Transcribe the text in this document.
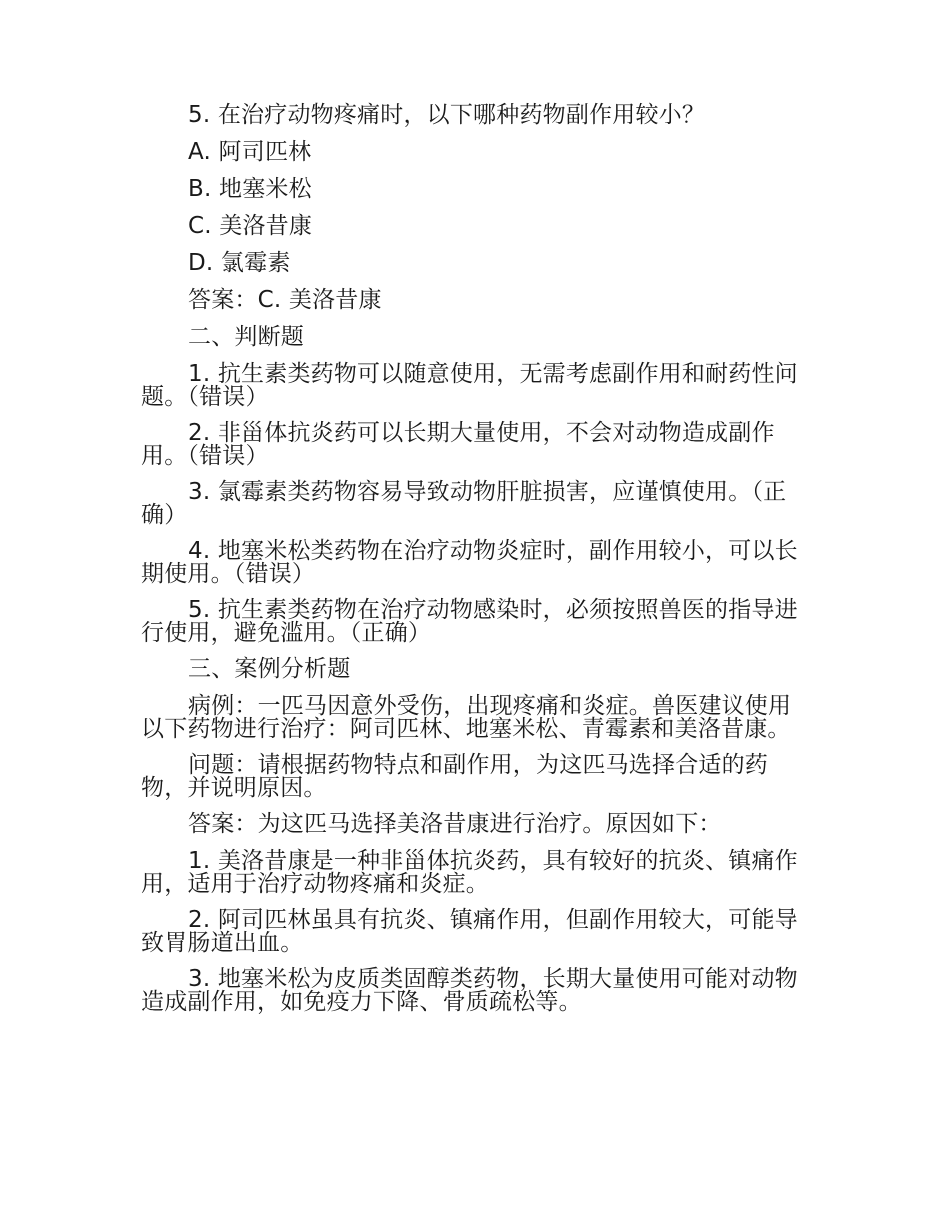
5. 在治疗动物疼痛时，以下哪种药物副作用较小？

A. 阿司匹林

B. 地塞米松

C. 美洛昔康

D. 氯霉素

答案：C. 美洛昔康

二、判断题

1. 抗生素类药物可以随意使用，无需考虑副作用和耐药性问题。（错误）

2. 非甾体抗炎药可以长期大量使用，不会对动物造成副作用。（错误）

3. 氯霉素类药物容易导致动物肝脏损害，应谨慎使用。（正确）

4. 地塞米松类药物在治疗动物炎症时，副作用较小，可以长期使用。（错误）

5. 抗生素类药物在治疗动物感染时，必须按照兽医的指导进行使用，避免滥用。（正确）

三、案例分析题

病例：一匹马因意外受伤，出现疼痛和炎症。兽医建议使用以下药物进行治疗：阿司匹林、地塞米松、青霉素和美洛昔康。

问题：请根据药物特点和副作用，为这匹马选择合适的药物，并说明原因。

答案：为这匹马选择美洛昔康进行治疗。原因如下：

1. 美洛昔康是一种非甾体抗炎药，具有较好的抗炎、镇痛作用，适用于治疗动物疼痛和炎症。

2. 阿司匹林虽具有抗炎、镇痛作用，但副作用较大，可能导致胃肠道出血。

3. 地塞米松为皮质类固醇类药物，长期大量使用可能对动物造成副作用，如免疫力下降、骨质疏松等。
